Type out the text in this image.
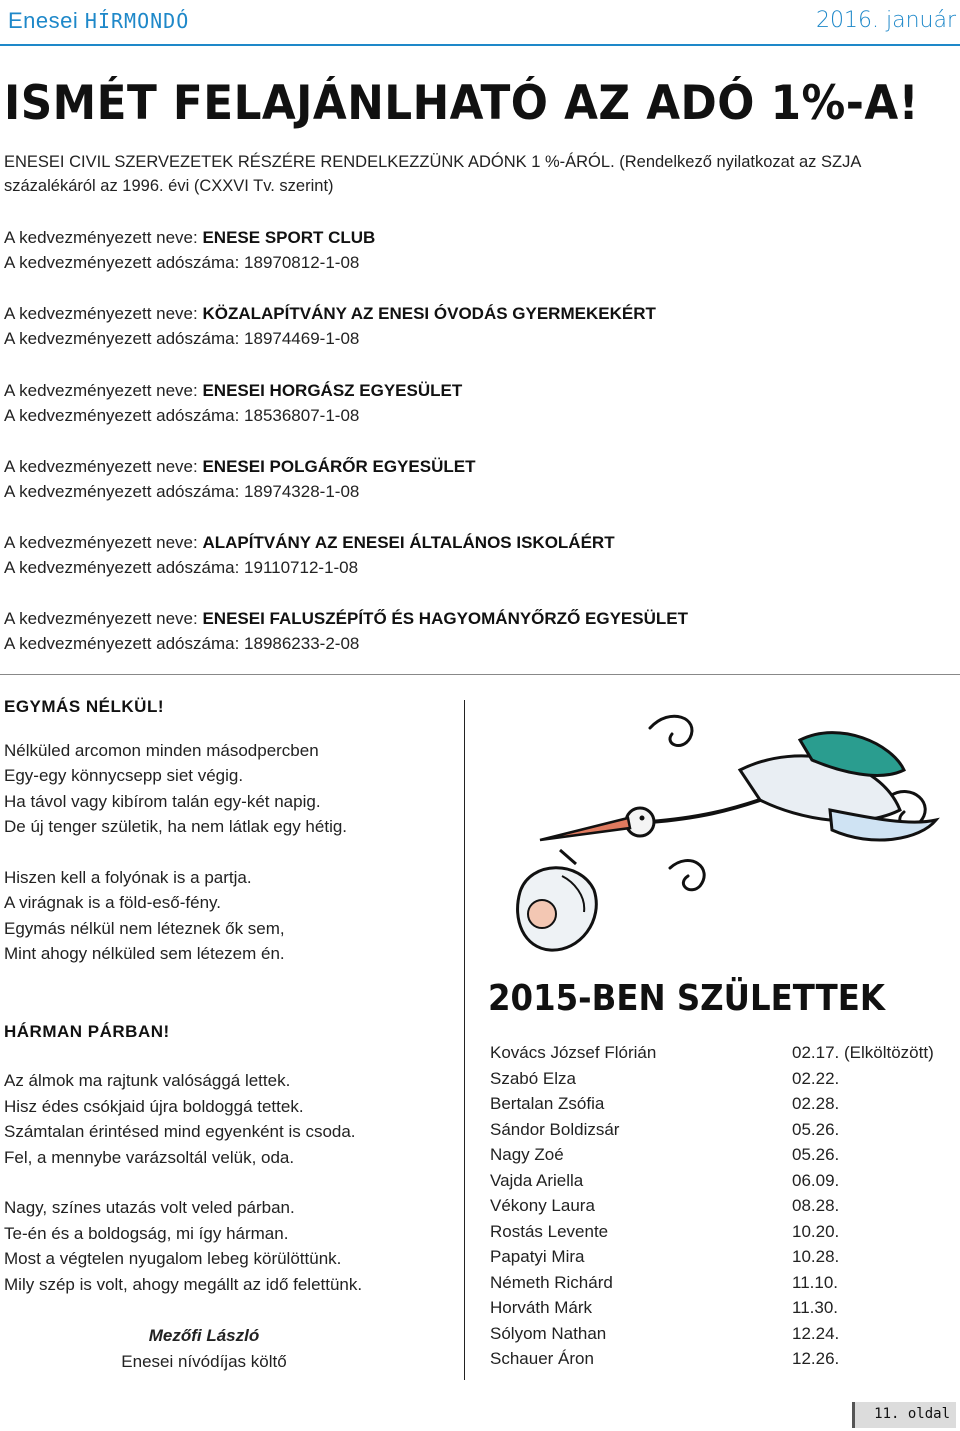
Enesei HÍRMONDÓ	2016. január
ISMÉT FELAJÁNLHATÓ AZ ADÓ 1%-A!
ENESEI CIVIL SZERVEZETEK RÉSZÉRE RENDELKEZZÜNK ADÓNK 1 %-ÁRÓL. (Rendelkező nyilatkozat az SZJA százalékáról az 1996. évi (CXXVI Tv. szerint)
A kedvezményezett neve: ENESE SPORT CLUB
A kedvezményezett adószáma: 18970812-1-08
A kedvezményezett neve: KÖZALAPÍTVÁNY AZ ENESI ÓVODÁS GYERMEKEKÉRT
A kedvezményezett adószáma: 18974469-1-08
A kedvezményezett neve: ENESEI HORGÁSZ EGYESÜLET
A kedvezményezett adószáma: 18536807-1-08
A kedvezményezett neve: ENESEI POLGÁRŐR EGYESÜLET
A kedvezményezett adószáma: 18974328-1-08
A kedvezményezett neve: ALAPÍTVÁNY AZ ENESEI ÁLTALÁNOS ISKOLÁÉRT
A kedvezményezett adószáma: 19110712-1-08
A kedvezményezett neve: ENESEI FALUSZÉPÍTŐ ÉS HAGYOMÁNYŐRZŐ EGYESÜLET
A kedvezményezett adószáma: 18986233-2-08

EGYMÁS NÉLKÜL!

Nélküled arcomon minden másodpercben
Egy-egy könnycsepp siet végig.
Ha távol vagy kibírom talán egy-két napig.
De új tenger születik, ha nem látlak egy hétig.
Hiszen kell a folyónak is a partja.
A virágnak is a föld-eső-fény.
Egymás nélkül nem léteznek ők sem,
Mint ahogy nélküled sem létezem én.

HÁRMAN PÁRBAN!

Az álmok ma rajtunk valósággá lettek.
Hisz édes csókjaid újra boldoggá tettek.
Számtalan érintésed mind egyenként is csoda.
Fel, a mennybe varázsoltál velük, oda.
Nagy, színes utazás volt veled párban.
Te-én és a boldogság, mi így hárman.
Most a végtelen nyugalom lebeg körülöttünk.
Mily szép is volt, ahogy megállt az idő felettünk.
Mezőfi László
Enesei nívódíjas költő
2015-BEN SZÜLETTEK
Kovács József Flórián	02.17. (Elköltözött)
Szabó Elza	02.22.
Bertalan Zsófia	02.28.
Sándor Boldizsár	05.26.
Nagy Zoé	05.26.
Vajda Ariella	06.09.
Vékony Laura	08.28.
Rostás Levente	10.20.
Papatyi Mira	10.28.
Németh Richárd	11.10.
Horváth Márk	11.30.
Sólyom Nathan	12.24.
Schauer Áron	12.26.
11. oldal
